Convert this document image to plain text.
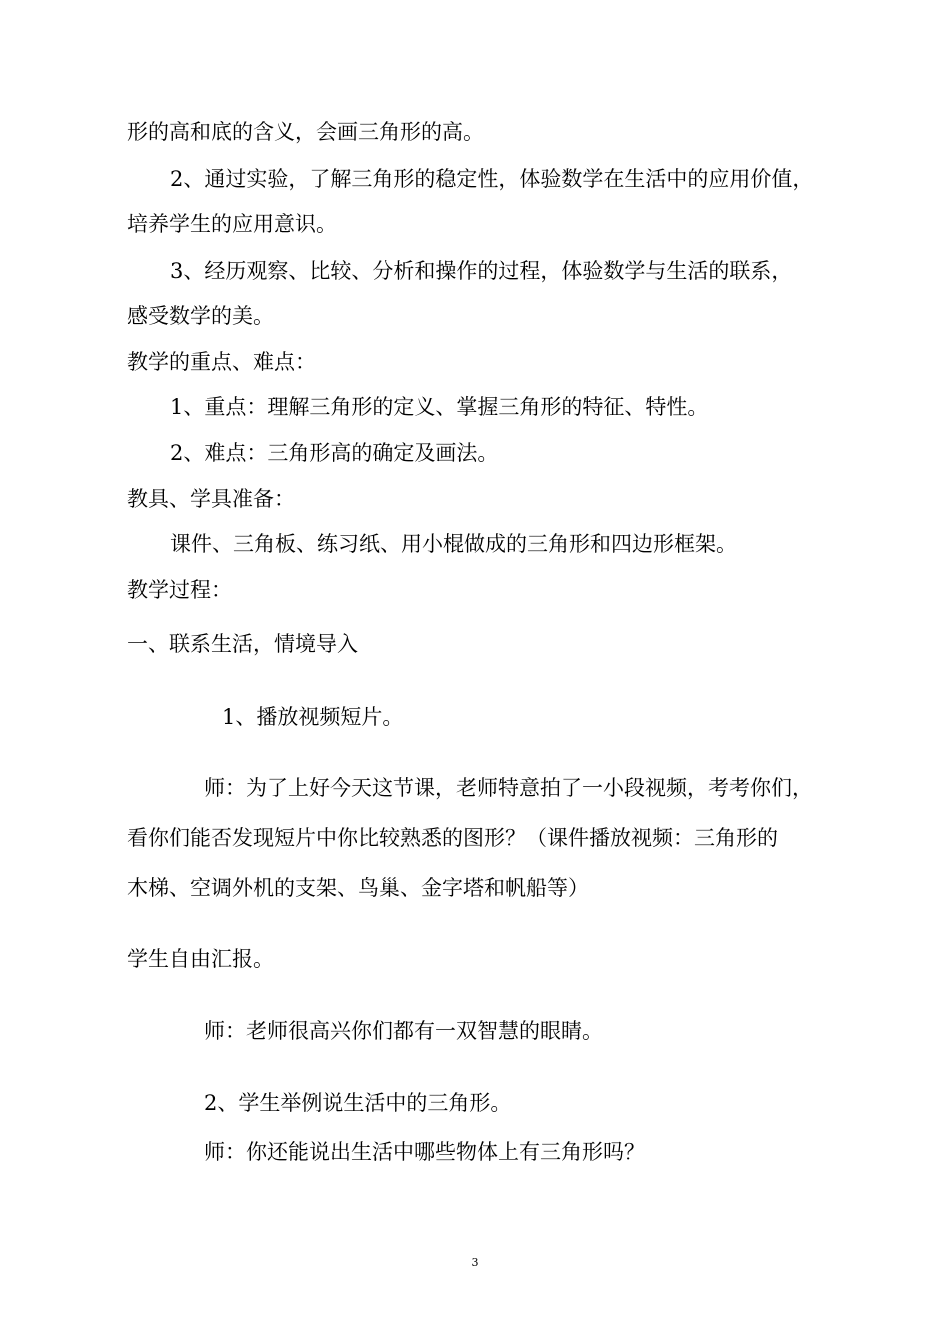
形的高和底的含义，会画三角形的高。
2、通过实验，了解三角形的稳定性，体验数学在生活中的应用价值，
培养学生的应用意识。
3、经历观察、比较、分析和操作的过程，体验数学与生活的联系，
感受数学的美。
教学的重点、难点：
1、重点：理解三角形的定义、掌握三角形的特征、特性。
2、难点：三角形高的确定及画法。
教具、学具准备：
课件、三角板、练习纸、用小棍做成的三角形和四边形框架。
教学过程：
一、联系生活，情境导入
1、播放视频短片。
师：为了上好今天这节课，老师特意拍了一小段视频，考考你们，
看你们能否发现短片中你比较熟悉的图形？（课件播放视频：三角形的
木梯、空调外机的支架、鸟巢、金字塔和帆船等）
学生自由汇报。
师：老师很高兴你们都有一双智慧的眼睛。
2、学生举例说生活中的三角形。
师：你还能说出生活中哪些物体上有三角形吗？
3
